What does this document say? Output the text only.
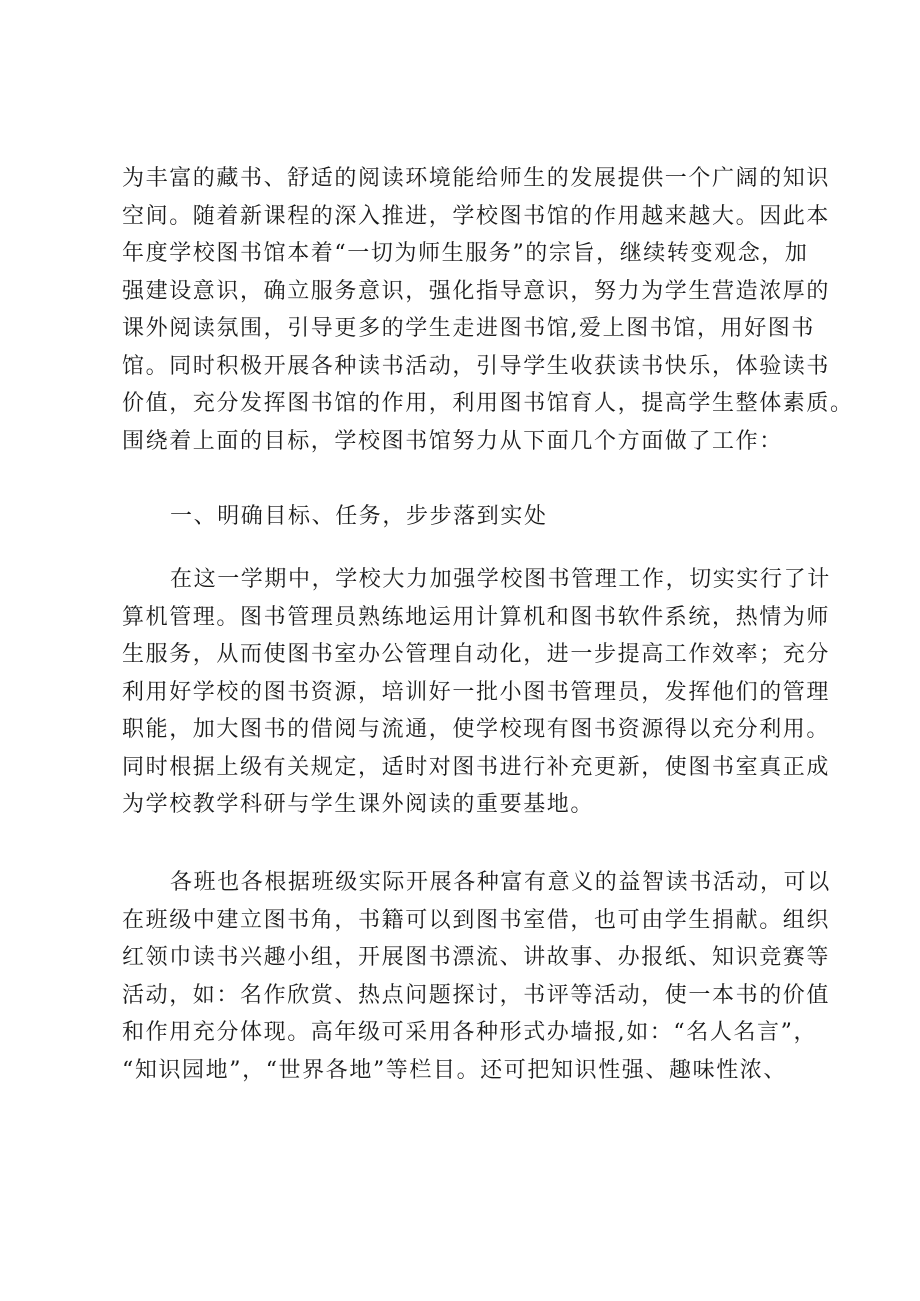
为丰富的藏书、舒适的阅读环境能给师生的发展提供一个广阔的知识
空间。随着新课程的深入推进，学校图书馆的作用越来越大。因此本
年度学校图书馆本着“一切为师生服务”的宗旨，继续转变观念，加
强建设意识，确立服务意识，强化指导意识，努力为学生营造浓厚的
课外阅读氛围，引导更多的学生走进图书馆,爱上图书馆，用好图书
馆。同时积极开展各种读书活动，引导学生收获读书快乐，体验读书
价值，充分发挥图书馆的作用，利用图书馆育人，提高学生整体素质。
围绕着上面的目标，学校图书馆努力从下面几个方面做了工作：
一、明确目标、任务，步步落到实处
在这一学期中，学校大力加强学校图书管理工作，切实实行了计
算机管理。图书管理员熟练地运用计算机和图书软件系统，热情为师
生服务，从而使图书室办公管理自动化，进一步提高工作效率；充分
利用好学校的图书资源，培训好一批小图书管理员，发挥他们的管理
职能，加大图书的借阅与流通，使学校现有图书资源得以充分利用。
同时根据上级有关规定，适时对图书进行补充更新，使图书室真正成
为学校教学科研与学生课外阅读的重要基地。
各班也各根据班级实际开展各种富有意义的益智读书活动，可以
在班级中建立图书角，书籍可以到图书室借，也可由学生捐献。组织
红领巾读书兴趣小组，开展图书漂流、讲故事、办报纸、知识竞赛等
活动，如：名作欣赏、热点问题探讨，书评等活动，使一本书的价值
和作用充分体现。高年级可采用各种形式办墙报,如：“名人名言”，
“知识园地”，“世界各地”等栏目。还可把知识性强、趣味性浓、
